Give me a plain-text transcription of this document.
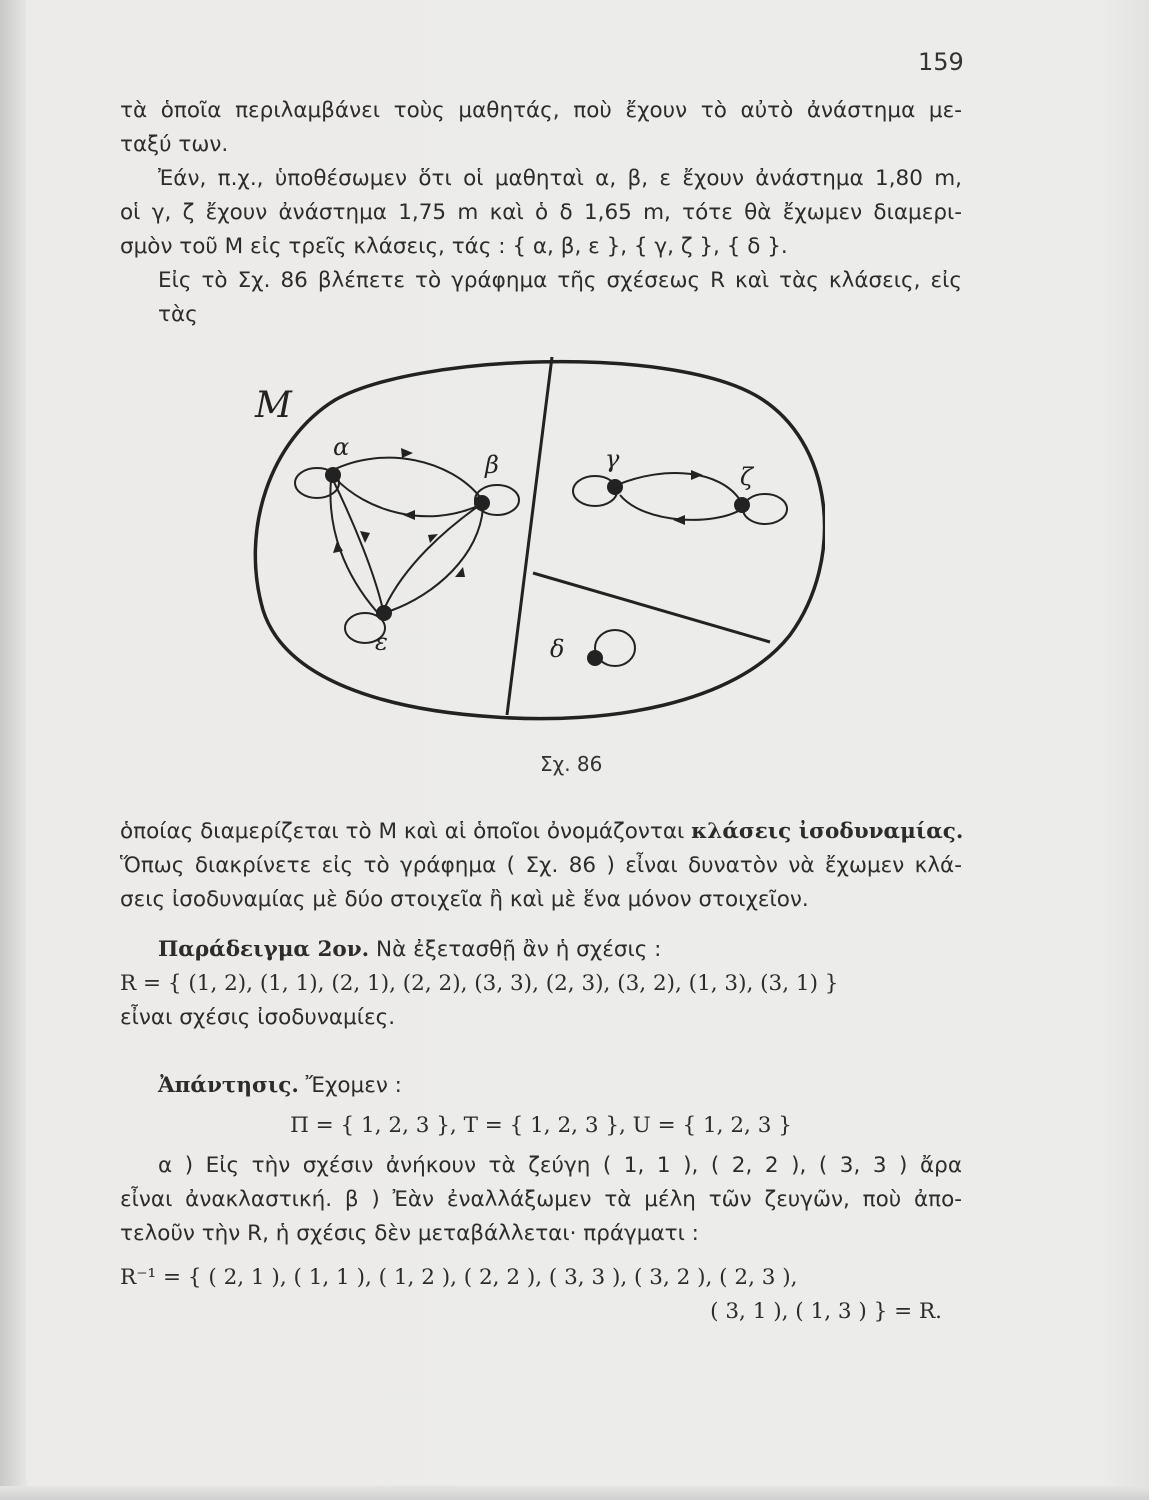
159
τὰ ὁποῖα περιλαμβάνει τοὺς μαθητάς, ποὺ ἔχουν τὸ αὐτὸ ἀνάστημα με-
ταξύ των.
Ἐάν, π.χ., ὑποθέσωμεν ὅτι οἱ μαθηταὶ α, β, ε ἔχουν ἀνάστημα 1,80 m,
οἱ γ, ζ ἔχουν ἀνάστημα 1,75 m καὶ ὁ δ 1,65 m, τότε θὰ ἔχωμεν διαμερι-
σμὸν τοῦ Μ εἰς τρεῖς κλάσεις, τάς : { α, β, ε }, { γ, ζ }, { δ }.
Εἰς τὸ Σχ. 86 βλέπετε τὸ γράφημα τῆς σχέσεως R καὶ τὰς κλάσεις, εἰς τὰς
M
α
β
ε
γ
ζ
δ
Σχ. 86
ὁποίας διαμερίζεται τὸ Μ καὶ αἱ ὁποῖοι ὀνομάζονται κλάσεις ἰσοδυναμίας.
Ὅπως διακρίνετε εἰς τὸ γράφημα ( Σχ. 86 ) εἶναι δυνατὸν νὰ ἔχωμεν κλά-
σεις ἰσοδυναμίας μὲ δύο στοιχεῖα ἢ καὶ μὲ ἕνα μόνον στοιχεῖον.
Παράδειγμα 2ον. Νὰ ἐξετασθῇ ἂν ἡ σχέσις :
R = { (1, 2), (1, 1), (2, 1), (2, 2), (3, 3), (2, 3), (3, 2), (1, 3), (3, 1) }
εἶναι σχέσις ἰσοδυναμίες.
Ἀπάντησις. Ἔχομεν :
Π = { 1, 2, 3 }, T = { 1, 2, 3 }, U = { 1, 2, 3 }
α ) Εἰς τὴν σχέσιν ἀνήκουν τὰ ζεύγη ( 1, 1 ), ( 2, 2 ), ( 3, 3 ) ἄρα
εἶναι ἀνακλαστική. β ) Ἐὰν ἐναλλάξωμεν τὰ μέλη τῶν ζευγῶν, ποὺ ἀπο-
τελοῦν τὴν R, ἡ σχέσις δὲν μεταβάλλεται· πράγματι :
R⁻¹ = { ( 2, 1 ), ( 1, 1 ), ( 1, 2 ), ( 2, 2 ), ( 3, 3 ), ( 3, 2 ), ( 2, 3 ),
( 3, 1 ), ( 1, 3 ) } = R.
